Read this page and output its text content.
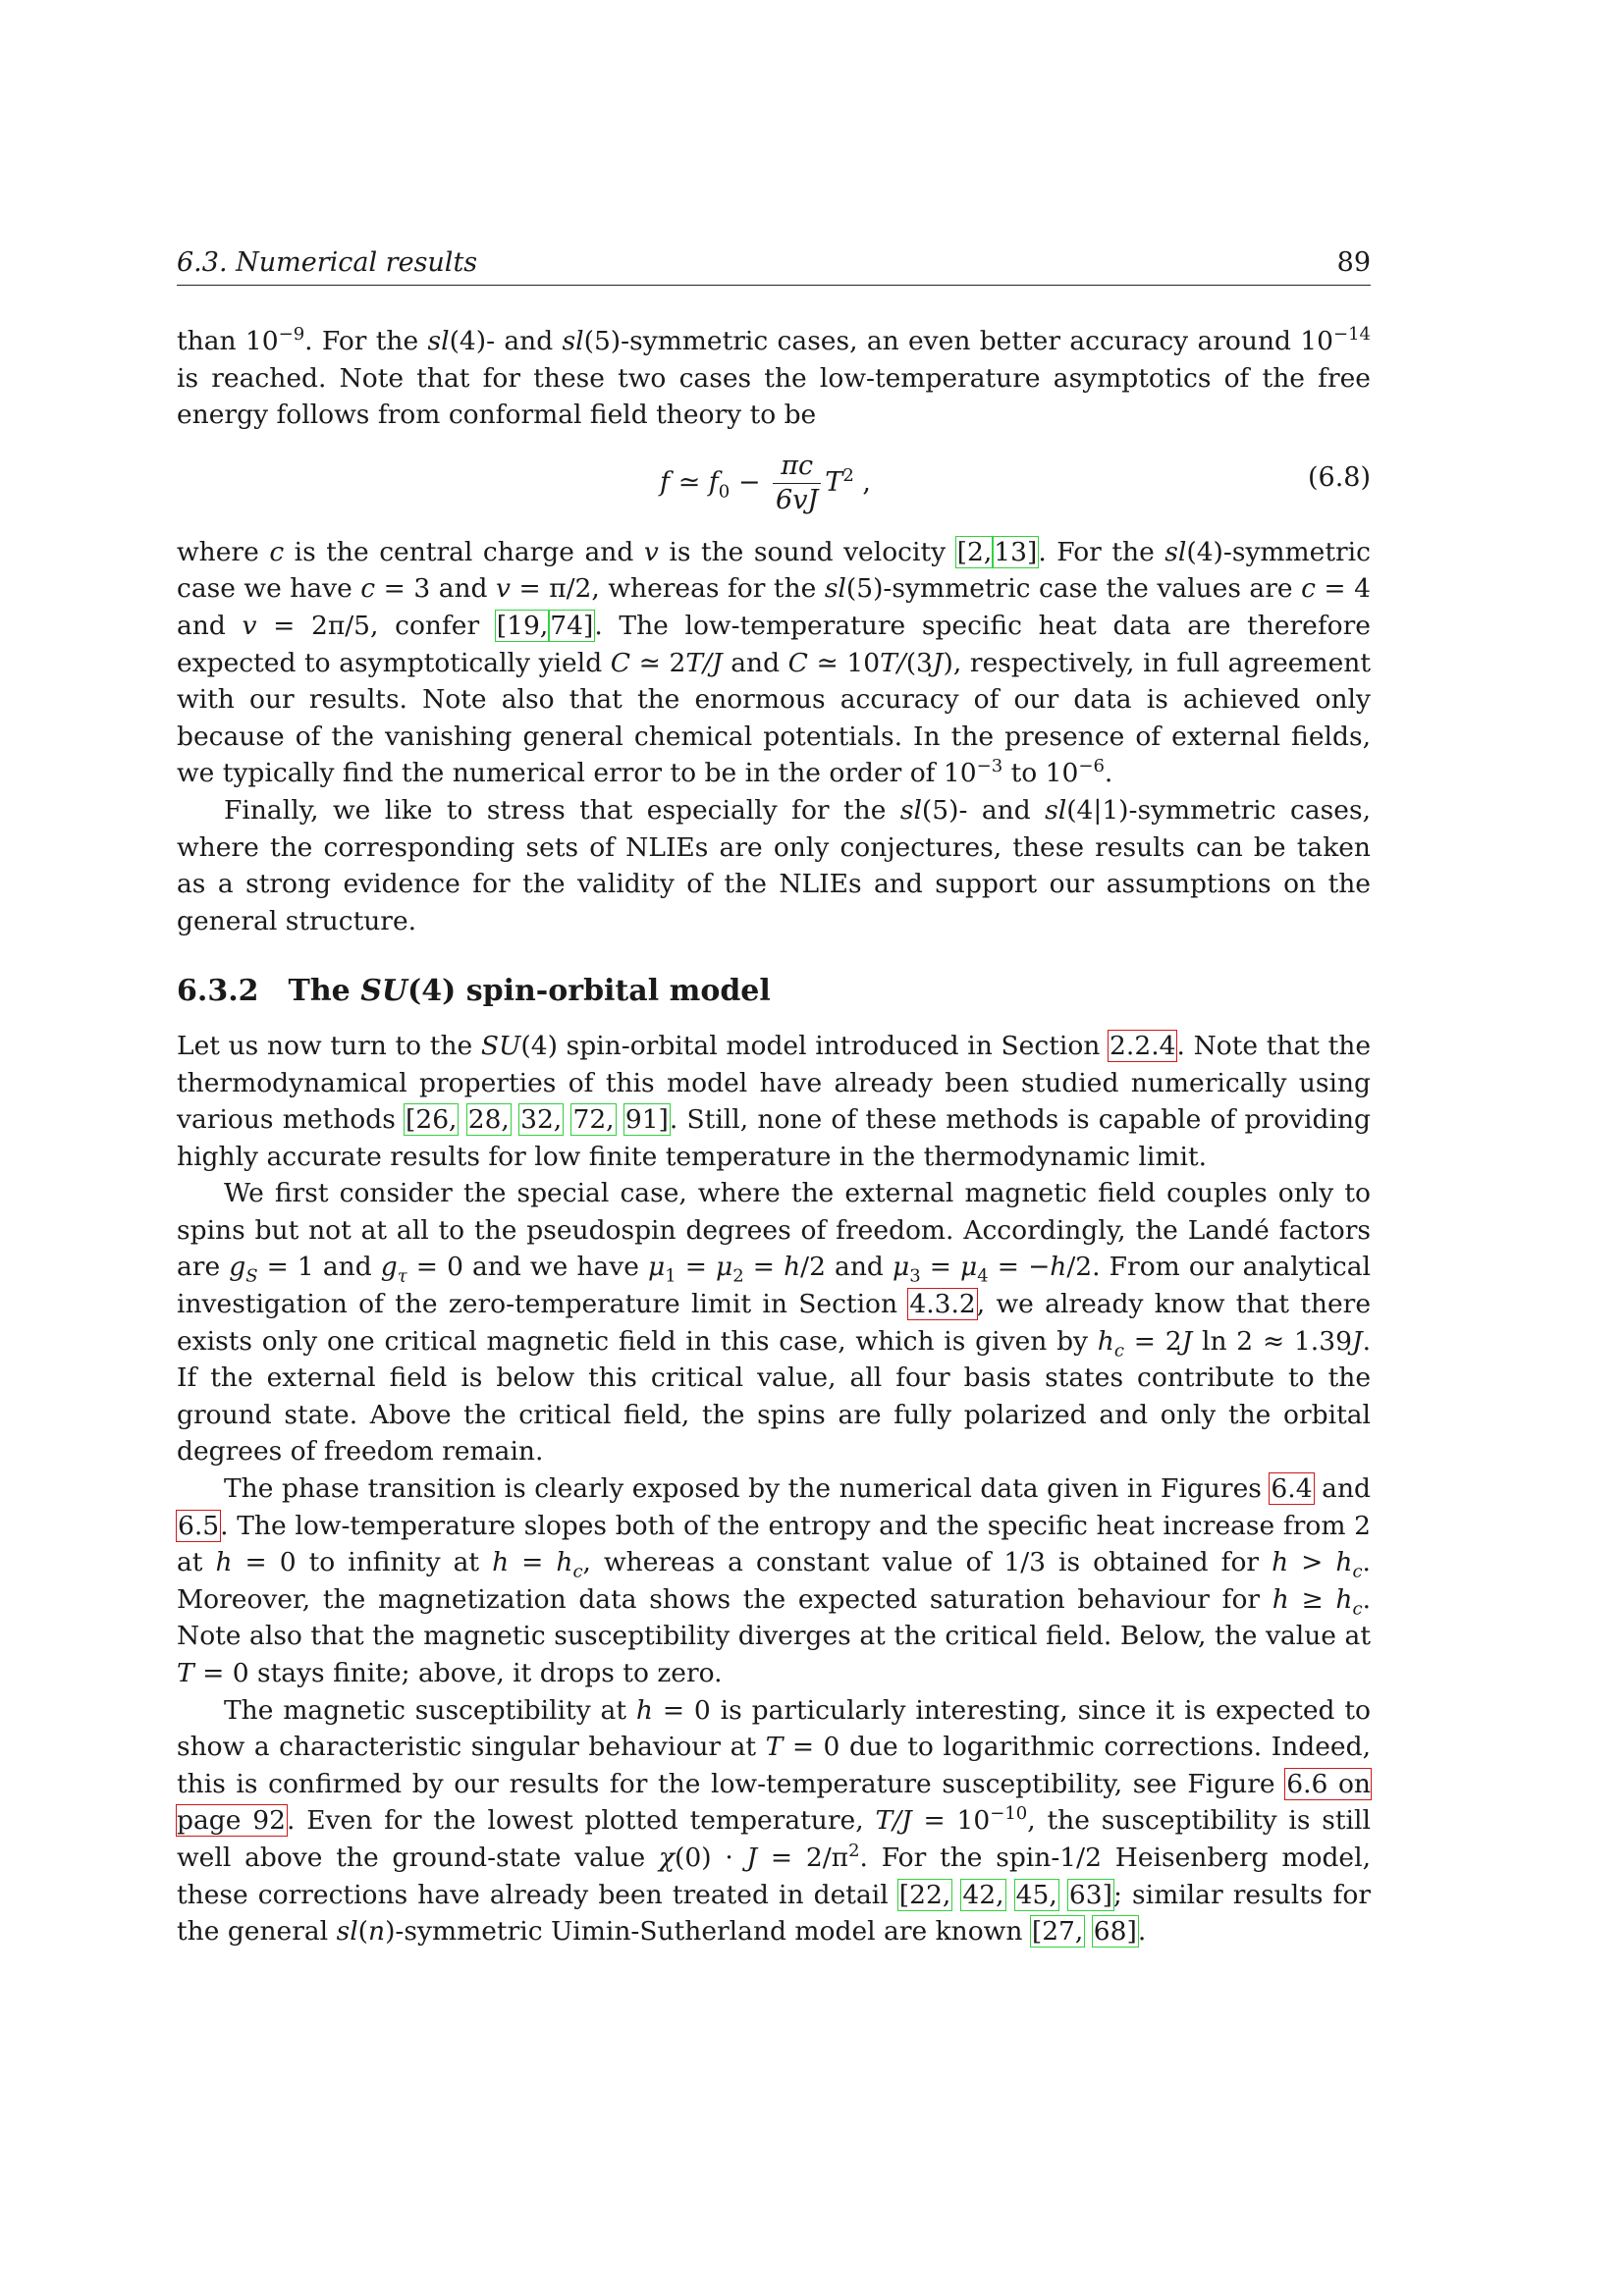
6.3. Numerical results	89

than $10^{-9}$. For the sl(4)- and sl(5)-symmetric cases, an even better accuracy around $10^{-14}$ is reached. Note that for these two cases the low-temperature asymptotics of the free energy follows from conformal field theory to be

f ≃ $f_0 - \frac{\pi c}{6vJ} T^2$ ,	(6.8)

where c is the central charge and v is the sound velocity [2,13]. For the sl(4)-symmetric case we have c = 3 and v = π/2, whereas for the sl(5)-symmetric case the values are c = 4 and v = 2π/5, confer [19,74]. The low-temperature specific heat data are therefore expected to asymptotically yield C ≃ 2T/J and C ≃ 10T/(3J), respectively, in full agreement with our results. Note also that the enormous accuracy of our data is achieved only because of the vanishing general chemical potentials. In the presence of external fields, we typically find the numerical error to be in the order of $10^{-3}$ to $10^{-6}$.

Finally, we like to stress that especially for the sl(5)- and sl(4|1)-symmetric cases, where the corresponding sets of NLIEs are only conjectures, these results can be taken as a strong evidence for the validity of the NLIEs and support our assumptions on the general structure.

6.3.2 The SU(4) spin-orbital model

Let us now turn to the SU(4) spin-orbital model introduced in Section 2.2.4. Note that the thermodynamical properties of this model have already been studied numerically using various methods [26, 28, 32, 72, 91]. Still, none of these methods is capable of providing highly accurate results for low finite temperature in the thermodynamic limit.

We first consider the special case, where the external magnetic field couples only to spins but not at all to the pseudospin degrees of freedom. Accordingly, the Landé factors are $g_S = 1$ and $g_\tau = 0$ and we have $\mu_1 = \mu_2 = h/2$ and $\mu_3 = \mu_4 = -h/2$. From our analytical investigation of the zero-temperature limit in Section 4.3.2, we already know that there exists only one critical magnetic field in this case, which is given by $h_c = 2J$ ln 2 ≈ 1.39J. If the external field is below this critical value, all four basis states contribute to the ground state. Above the critical field, the spins are fully polarized and only the orbital degrees of freedom remain.

The phase transition is clearly exposed by the numerical data given in Figures 6.4 and 6.5. The low-temperature slopes both of the entropy and the specific heat increase from 2 at h = 0 to infinity at $h = h_c$, whereas a constant value of 1/3 is obtained for $h > h_c$. Moreover, the magnetization data shows the expected saturation behaviour for $h \ge h_c$. Note also that the magnetic susceptibility diverges at the critical field. Below, the value at T = 0 stays finite; above, it drops to zero.

The magnetic susceptibility at h = 0 is particularly interesting, since it is expected to show a characteristic singular behaviour at T = 0 due to logarithmic corrections. Indeed, this is confirmed by our results for the low-temperature susceptibility, see Figure 6.6 on page 92. Even for the lowest plotted temperature, $T/J = 10^{-10}$, the susceptibility is still well above the ground-state value $\chi(0) \cdot J = 2/\pi^2$. For the spin-1/2 Heisenberg model, these corrections have already been treated in detail [22, 42, 45, 63]; similar results for the general sl(n)-symmetric Uimin-Sutherland model are known [27, 68].
